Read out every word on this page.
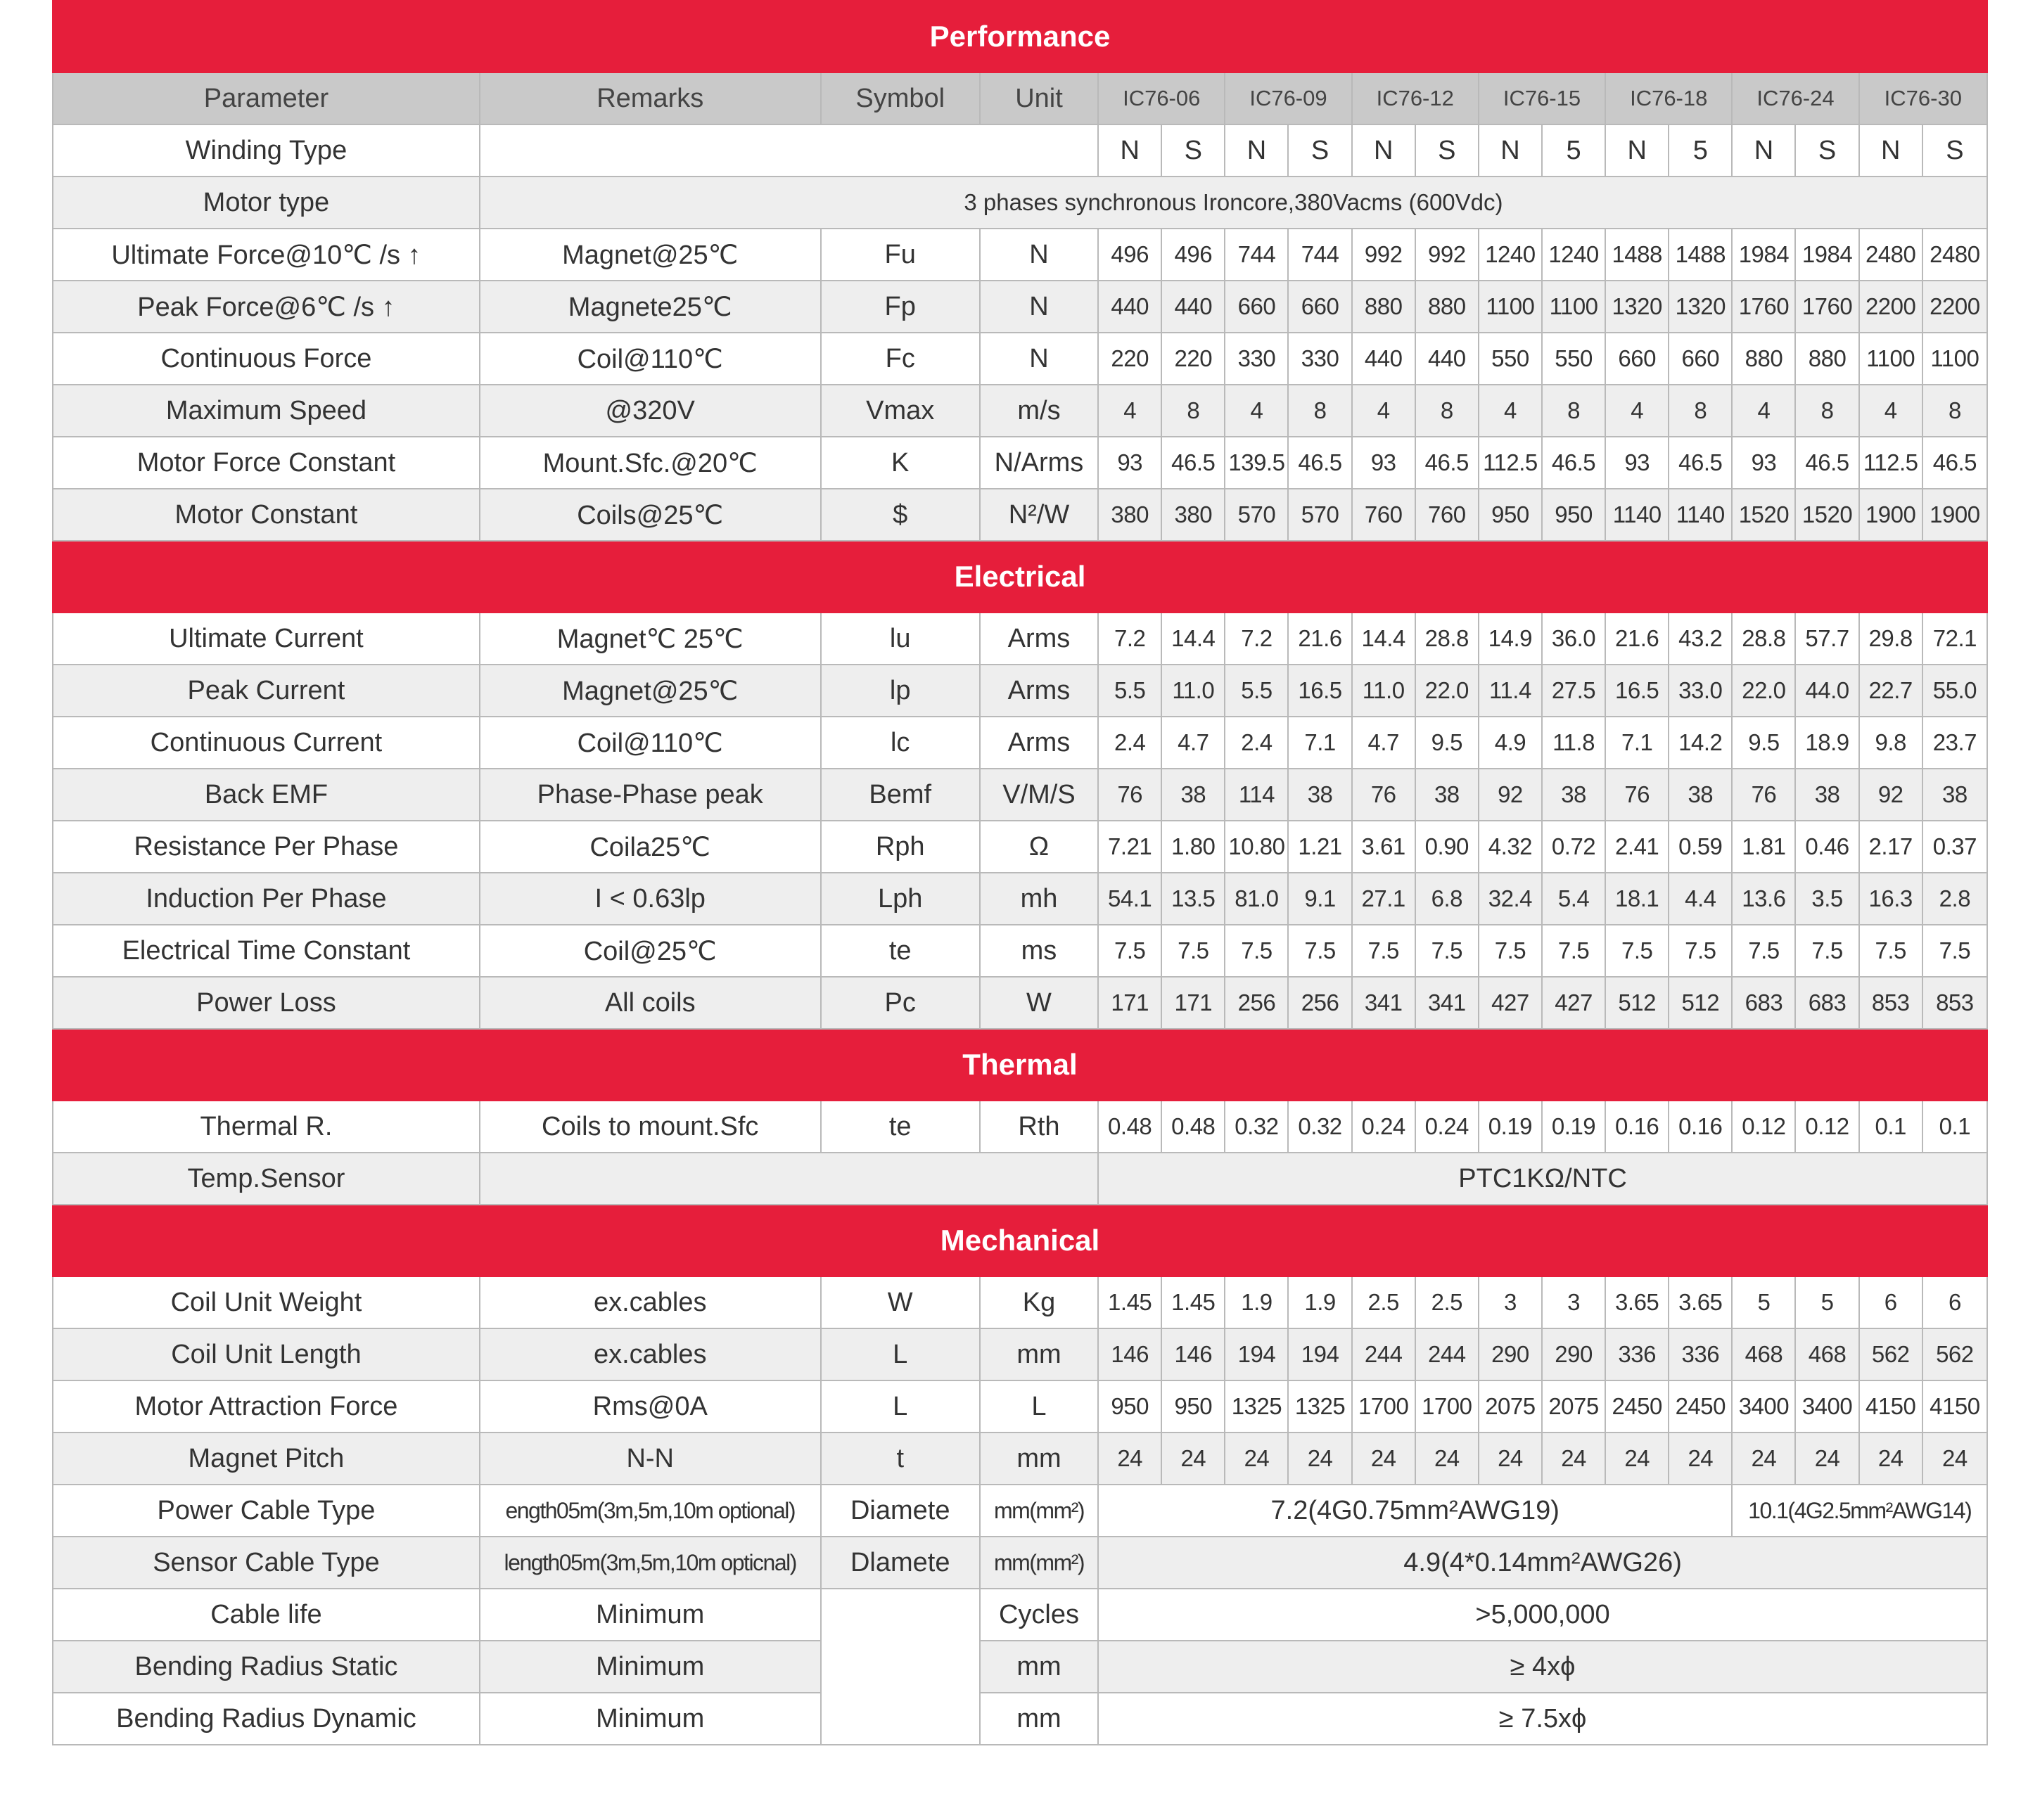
Performance																	
Parameter	Remarks	Symbol	Unit	IC76-06		IC76-09		IC76-12		IC76-15		IC76-18		IC76-24		IC76-30	
Winding Type				N	S	N	S	N	S	N	5	N	5	N	S	N	S
Motor type	3 phases synchronous Ironcore,380Vacms (600Vdc)																
Ultimate Force@10℃ /s ↑	Magnet@25℃	Fu	N	496	496	744	744	992	992	1240	1240	1488	1488	1984	1984	2480	2480
Peak Force@6℃ /s ↑	Magnete25℃	Fp	N	440	440	660	660	880	880	1100	1100	1320	1320	1760	1760	2200	2200
Continuous Force	Coil@110℃	Fc	N	220	220	330	330	440	440	550	550	660	660	880	880	1100	1100
Maximum Speed	@320V	Vmax	m/s	4	8	4	8	4	8	4	8	4	8	4	8	4	8
Motor Force Constant	Mount.Sfc.@20℃	K	N/Arms	93	46.5	139.5	46.5	93	46.5	112.5	46.5	93	46.5	93	46.5	112.5	46.5
Motor Constant	Coils@25℃	$	N²/W	380	380	570	570	760	760	950	950	1140	1140	1520	1520	1900	1900
Electrical																	
Ultimate Current	Magnet℃ 25℃	lu	Arms	7.2	14.4	7.2	21.6	14.4	28.8	14.9	36.0	21.6	43.2	28.8	57.7	29.8	72.1
Peak Current	Magnet@25℃	lp	Arms	5.5	11.0	5.5	16.5	11.0	22.0	11.4	27.5	16.5	33.0	22.0	44.0	22.7	55.0
Continuous Current	Coil@110℃	lc	Arms	2.4	4.7	2.4	7.1	4.7	9.5	4.9	11.8	7.1	14.2	9.5	18.9	9.8	23.7
Back EMF	Phase-Phase peak	Bemf	V/M/S	76	38	114	38	76	38	92	38	76	38	76	38	92	38
Resistance Per Phase	Coila25℃	Rph	Ω	7.21	1.80	10.80	1.21	3.61	0.90	4.32	0.72	2.41	0.59	1.81	0.46	2.17	0.37
Induction Per Phase	I < 0.63lp	Lph	mh	54.1	13.5	81.0	9.1	27.1	6.8	32.4	5.4	18.1	4.4	13.6	3.5	16.3	2.8
Electrical Time Constant	Coil@25℃	te	ms	7.5	7.5	7.5	7.5	7.5	7.5	7.5	7.5	7.5	7.5	7.5	7.5	7.5	7.5
Power Loss	All coils	Pc	W	171	171	256	256	341	341	427	427	512	512	683	683	853	853
Thermal																	
Thermal R.	Coils to mount.Sfc	te	Rth	0.48	0.48	0.32	0.32	0.24	0.24	0.19	0.19	0.16	0.16	0.12	0.12	0.1	0.1
Temp.Sensor				PTC1KΩ/NTC													
Mechanical																	
Coil Unit Weight	ex.cables	W	Kg	1.45	1.45	1.9	1.9	2.5	2.5	3	3	3.65	3.65	5	5	6	6
Coil Unit Length	ex.cables	L	mm	146	146	194	194	244	244	290	290	336	336	468	468	562	562
Motor Attraction Force	Rms@0A	L	L	950	950	1325	1325	1700	1700	2075	2075	2450	2450	3400	3400	4150	4150
Magnet Pitch	N-N	t	mm	24	24	24	24	24	24	24	24	24	24	24	24	24	24
Power Cable Type	ength05m(3m,5m,10m optional)	Diamete	mm(mm²)	7.2(4G0.75mm²AWG19)										10.1(4G2.5mm²AWG14)			
Sensor Cable Type	length05m(3m,5m,10m opticnal)	Dlamete	mm(mm²)	4.9(4*0.14mm²AWG26)													
Cable life	Minimum		Cycles	>5,000,000													
Bending Radius Static	Minimum		mm	≥ 4xϕ													
Bending Radius Dynamic	Minimum		mm	≥ 7.5xϕ													
